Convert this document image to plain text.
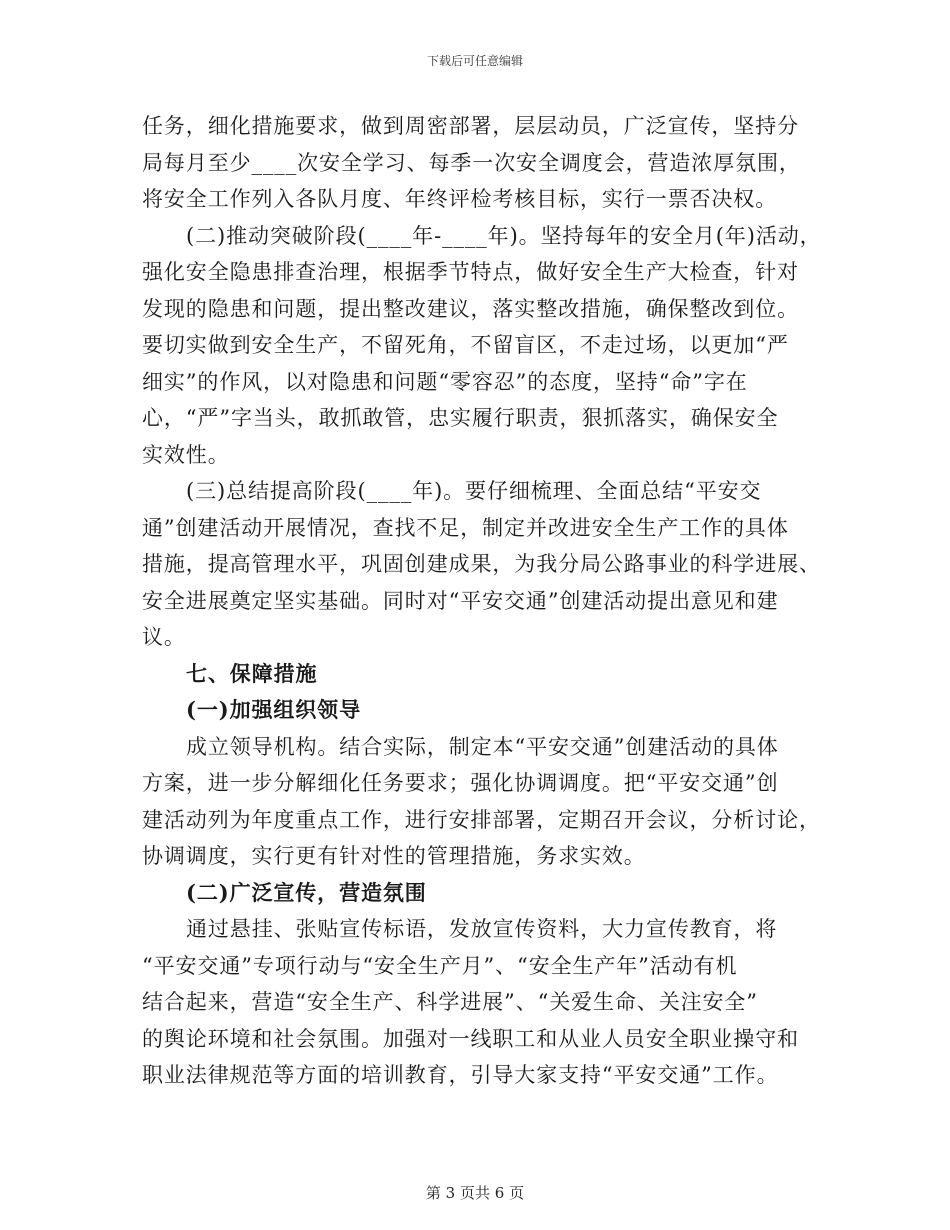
下载后可任意编辑
任务，细化措施要求，做到周密部署，层层动员，广泛宣传，坚持分
局每月至少____次安全学习、每季一次安全调度会，营造浓厚氛围，
将安全工作列入各队月度、年终评检考核目标，实行一票否决权。
(二)推动突破阶段(____年-____年)。坚持每年的安全月(年)活动，
强化安全隐患排查治理，根据季节特点，做好安全生产大检查，针对
发现的隐患和问题，提出整改建议，落实整改措施，确保整改到位。
要切实做到安全生产，不留死角，不留盲区，不走过场，以更加“严
细实”的作风，以对隐患和问题“零容忍”的态度，坚持“命”字在
心，“严”字当头，敢抓敢管，忠实履行职责，狠抓落实，确保安全
实效性。
(三)总结提高阶段(____年)。要仔细梳理、全面总结“平安交
通”创建活动开展情况，查找不足，制定并改进安全生产工作的具体
措施，提高管理水平，巩固创建成果，为我分局公路事业的科学进展、
安全进展奠定坚实基础。同时对“平安交通”创建活动提出意见和建
议。
七、保障措施
(一)加强组织领导
成立领导机构。结合实际，制定本“平安交通”创建活动的具体
方案，进一步分解细化任务要求；强化协调调度。把“平安交通”创
建活动列为年度重点工作，进行安排部署，定期召开会议，分析讨论，
协调调度，实行更有针对性的管理措施，务求实效。
(二)广泛宣传，营造氛围
通过悬挂、张贴宣传标语，发放宣传资料，大力宣传教育，将
“平安交通”专项行动与“安全生产月”、“安全生产年”活动有机
结合起来，营造“安全生产、科学进展”、“关爱生命、关注安全”
的舆论环境和社会氛围。加强对一线职工和从业人员安全职业操守和
职业法律规范等方面的培训教育，引导大家支持“平安交通”工作。
第 3 页共 6 页
